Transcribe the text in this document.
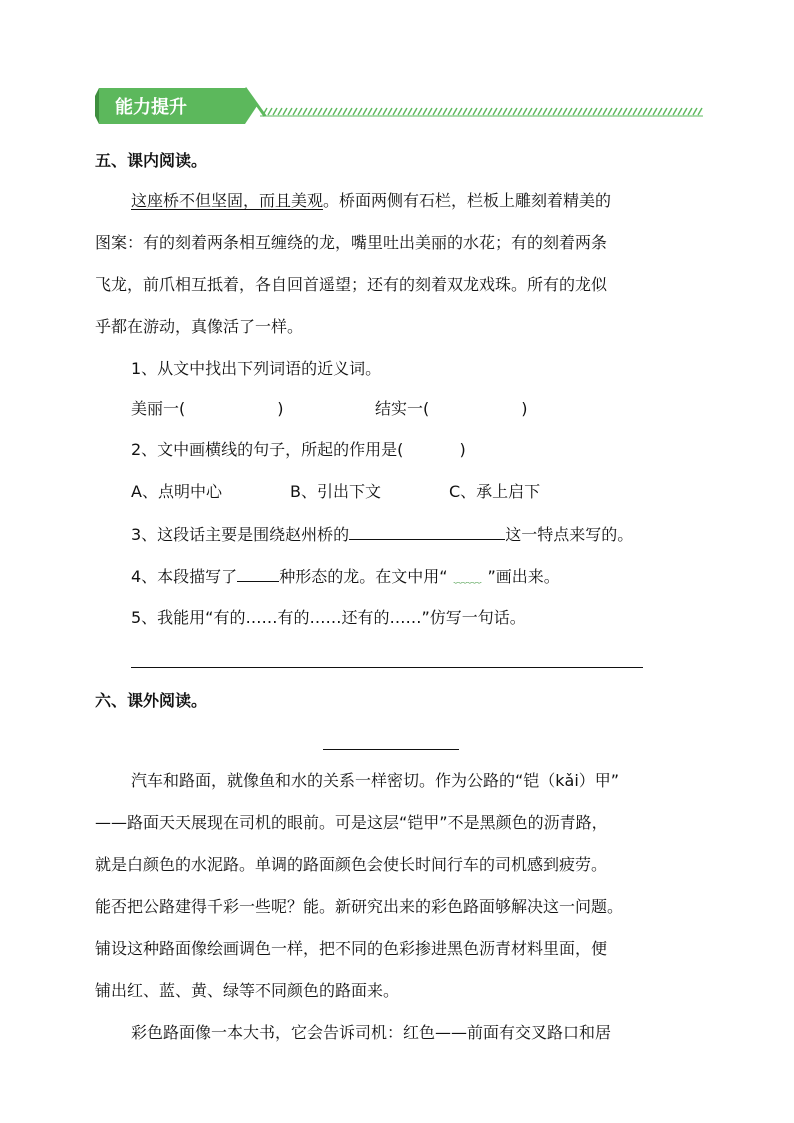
能力提升
五、课内阅读。
这座桥不但坚固，而且美观。桥面两侧有石栏，栏板上雕刻着精美的
图案：有的刻着两条相互缠绕的龙，嘴里吐出美丽的水花；有的刻着两条
飞龙，前爪相互抵着，各自回首遥望；还有的刻着双龙戏珠。所有的龙似
乎都在游动，真像活了一样。
1、从文中找出下列词语的近义词。
美丽一(	)	结实一(	)
2、文中画横线的句子，所起的作用是(	)
A、点明中心	B、引出下文	C、承上启下
3、这段话主要是围绕赵州桥的	这一特点来写的。
4、本段描写了	种形态的龙。在文中用“ ﹏﹏ ”画出来。
5、我能用“有的……有的……还有的……”仿写一句话。
六、课外阅读。
汽车和路面，就像鱼和水的关系一样密切。作为公路的“铠（kǎi）甲”
——路面天天展现在司机的眼前。可是这层“铠甲”不是黑颜色的沥青路，
就是白颜色的水泥路。单调的路面颜色会使长时间行车的司机感到疲劳。
能否把公路建得千彩一些呢？能。新研究出来的彩色路面够解决这一问题。
铺设这种路面像绘画调色一样，把不同的色彩掺进黑色沥青材料里面，便
铺出红、蓝、黄、绿等不同颜色的路面来。
彩色路面像一本大书，它会告诉司机：红色——前面有交叉路口和居
